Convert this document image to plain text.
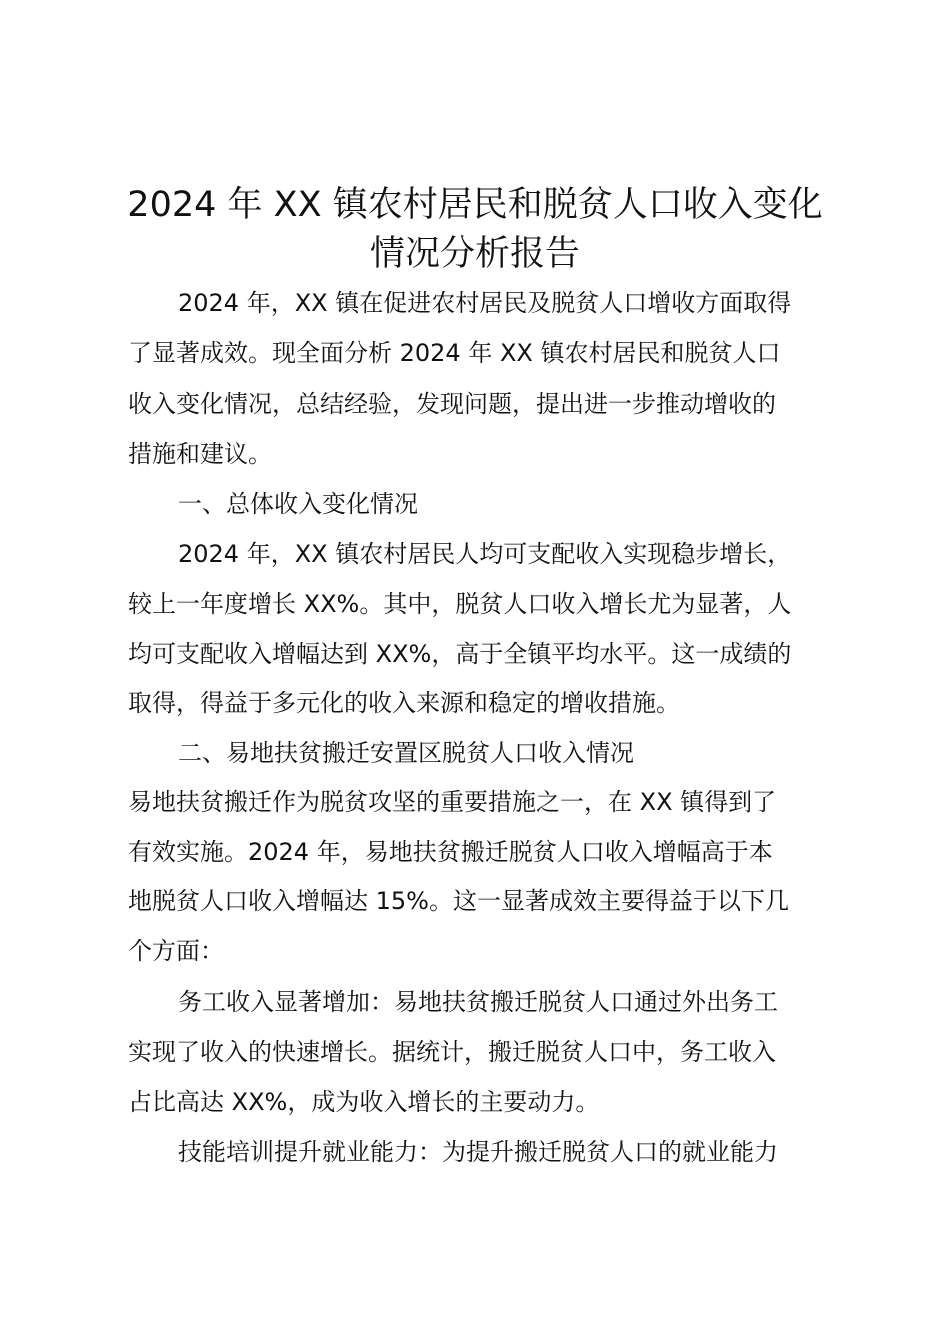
2024 年 XX 镇农村居民和脱贫人口收入变化
情况分析报告
2024 年，XX 镇在促进农村居民及脱贫人口增收方面取得
了显著成效。现全面分析 2024 年 XX 镇农村居民和脱贫人口
收入变化情况，总结经验，发现问题，提出进一步推动增收的
措施和建议。
一、总体收入变化情况
2024 年，XX 镇农村居民人均可支配收入实现稳步增长，
较上一年度增长 XX%。其中，脱贫人口收入增长尤为显著，人
均可支配收入增幅达到 XX%，高于全镇平均水平。这一成绩的
取得，得益于多元化的收入来源和稳定的增收措施。
二、易地扶贫搬迁安置区脱贫人口收入情况
易地扶贫搬迁作为脱贫攻坚的重要措施之一，在 XX 镇得到了
有效实施。2024 年，易地扶贫搬迁脱贫人口收入增幅高于本
地脱贫人口收入增幅达 15%。这一显著成效主要得益于以下几
个方面：
务工收入显著增加：易地扶贫搬迁脱贫人口通过外出务工
实现了收入的快速增长。据统计，搬迁脱贫人口中，务工收入
占比高达 XX%，成为收入增长的主要动力。
技能培训提升就业能力：为提升搬迁脱贫人口的就业能力
